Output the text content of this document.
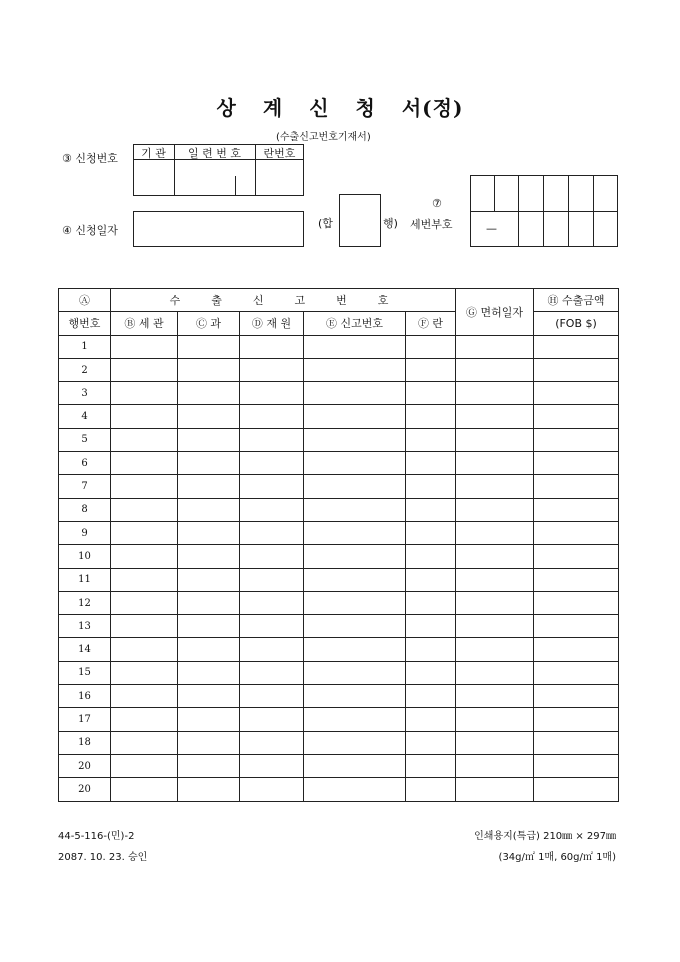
상 계 신 청 서(정)
(수출신고번호기재서)
③ 신청번호	기 관	일 련 번 호	란번호
④ 신청일자
(합	행)
⑦
세번부호	—
Ⓐ	수  출  신  고  번  호					Ⓖ 면허일자	Ⓗ 수출금액
행번호	Ⓑ 세 관	Ⓒ 과	Ⓓ 재 원	Ⓔ 신고번호	Ⓕ 란		(FOB $)
1							
2							
3							
4							
5							
6							
7							
8							
9							
10							
11							
12							
13							
14							
15							
16							
17							
18							
20							
20							
44-5-116-(민)-2
2087. 10. 23. 승인
인쇄용지(특급) 210㎜ × 297㎜
(34g/㎡ 1매, 60g/㎡ 1매)
